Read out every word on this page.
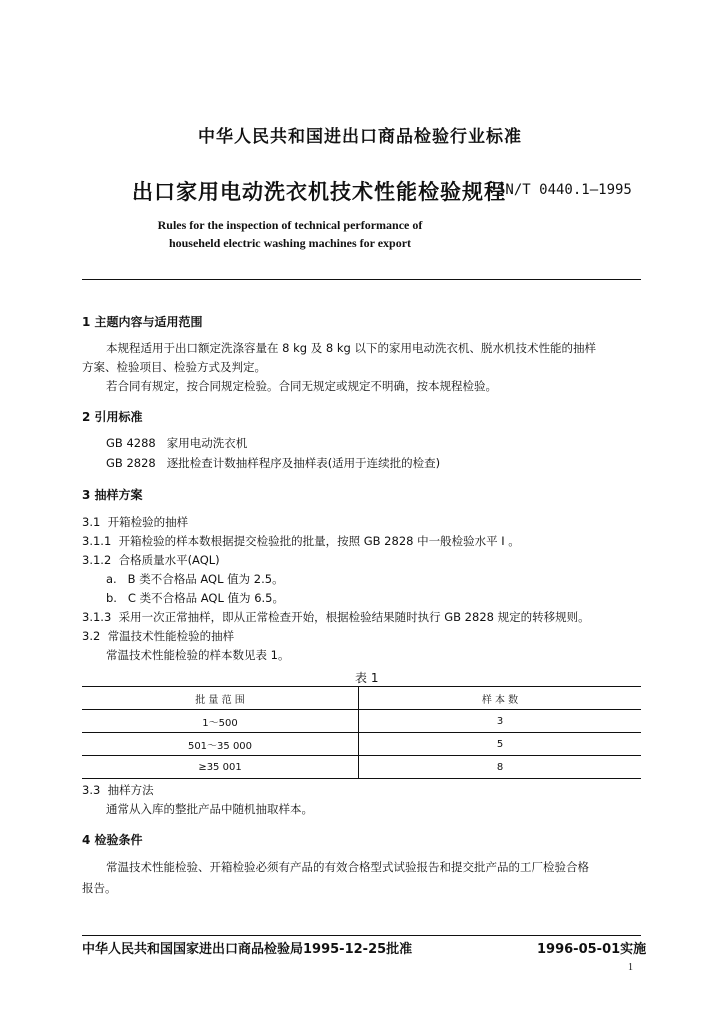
中华人民共和国进出口商品检验行业标准
出口家用电动洗衣机技术性能检验规程
SN/T 0440.1—1995
Rules for the inspection of technical performance of
househeld electric washing machines for export
1 主题内容与适用范围
本规程适用于出口额定洗涤容量在 8 kg 及 8 kg 以下的家用电动洗衣机、脱水机技术性能的抽样
方案、检验项目、检验方式及判定。
若合同有规定，按合同规定检验。合同无规定或规定不明确，按本规程检验。
2 引用标准
GB 4288   家用电动洗衣机
GB 2828   逐批检查计数抽样程序及抽样表(适用于连续批的检查)
3 抽样方案
3.1  开箱检验的抽样
3.1.1  开箱检验的样本数根据提交检验批的批量，按照 GB 2828 中一般检验水平 Ⅰ 。
3.1.2  合格质量水平(AQL)
a.   B 类不合格品 AQL 值为 2.5。
b.   C 类不合格品 AQL 值为 6.5。
3.1.3  采用一次正常抽样，即从正常检查开始，根据检验结果随时执行 GB 2828 规定的转移规则。
3.2  常温技术性能检验的抽样
常温技术性能检验的样本数见表 1。
表 1
批 量 范 围	样 本 数
1～500	3
501～35 000	5
≥35 001	8
3.3  抽样方法
通常从入库的整批产品中随机抽取样本。
4 检验条件
常温技术性能检验、开箱检验必须有产品的有效合格型式试验报告和提交批产品的工厂检验合格
报告。
中华人民共和国国家进出口商品检验局1995-12-25批准	1996-05-01实施
1
